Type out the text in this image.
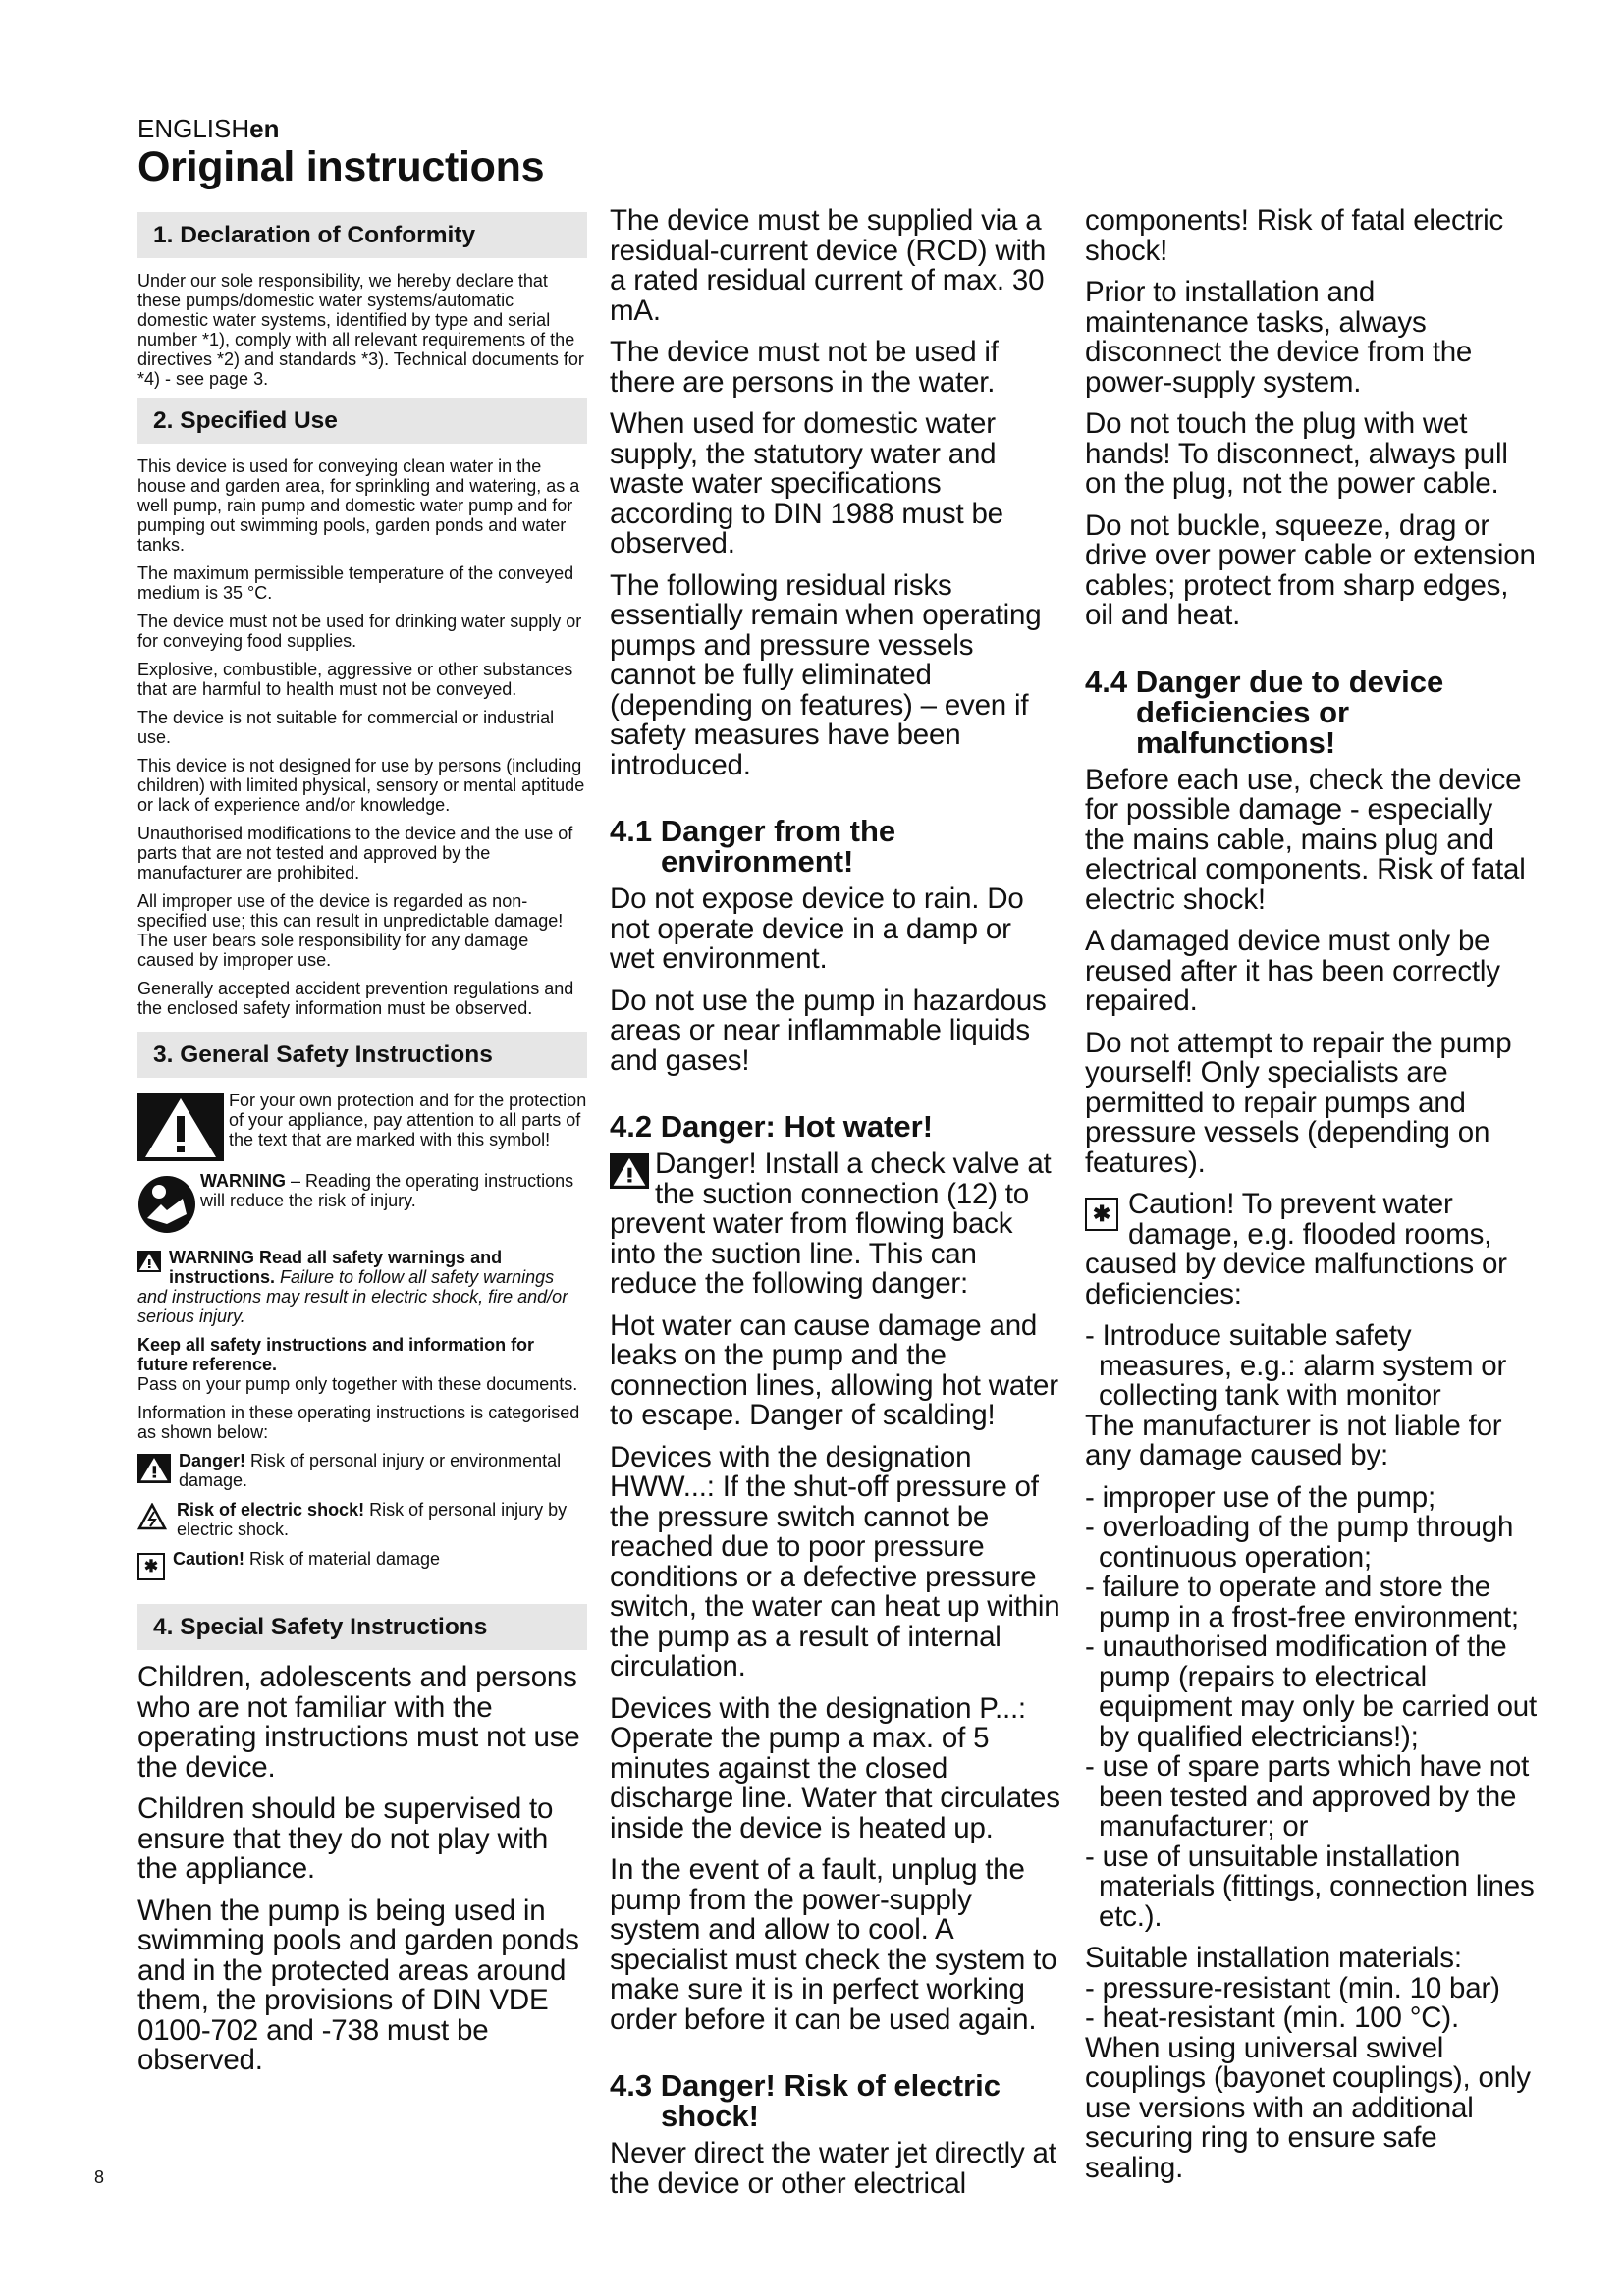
ENGLISHen
Original instructions
1. Declaration of Conformity

Under our sole responsibility, we hereby declare that these pumps/domestic water systems/automatic domestic water systems, identified by type and serial number *1), comply with all relevant requirements of the directives *2) and standards *3). Technical documents for *4) - see page 3.

2. Specified Use

This device is used for conveying clean water in the house and garden area, for sprinkling and watering, as a well pump, rain pump and domestic water pump and for pumping out swimming pools, garden ponds and water tanks.

The maximum permissible temperature of the conveyed medium is 35 °C.

The device must not be used for drinking water supply or for conveying food supplies.

Explosive, combustible, aggressive or other substances that are harmful to health must not be conveyed.

The device is not suitable for commercial or industrial use.

This device is not designed for use by persons (including children) with limited physical, sensory or mental aptitude or lack of experience and/or knowledge.

Unauthorised modifications to the device and the use of parts that are not tested and approved by the manufacturer are prohibited.

All improper use of the device is regarded as non-specified use; this can result in unpredictable damage! The user bears sole responsibility for any damage caused by improper use.

Generally accepted accident prevention regulations and the enclosed safety information must be observed.

3. General Safety Instructions

For your own protection and for the protection of your appliance, pay attention to all parts of the text that are marked with this symbol!

WARNING – Reading the operating instructions will reduce the risk of injury.

WARNING Read all safety warnings and instructions. Failure to follow all safety warnings and instructions may result in electric shock, fire and/or serious injury.

Keep all safety instructions and information for future reference.

Pass on your pump only together with these documents.

Information in these operating instructions is categorised as shown below:

Danger! Risk of personal injury or environmental damage.

Risk of electric shock! Risk of personal injury by electric shock.

✱ Caution! Risk of material damage

4. Special Safety Instructions

Children, adolescents and persons who are not familiar with the operating instructions must not use the device.

Children should be supervised to ensure that they do not play with the appliance.

When the pump is being used in swimming pools and garden ponds and in the protected areas around them, the provisions of DIN VDE 0100-702 and -738 must be observed.

The device must be supplied via a residual-current device (RCD) with a rated residual current of max. 30 mA.

The device must not be used if there are persons in the water.

When used for domestic water supply, the statutory water and waste water specifications according to DIN 1988 must be observed.

The following residual risks essentially remain when operating pumps and pressure vessels cannot be fully eliminated (depending on features) – even if safety measures have been introduced.

4.1 Danger from the environment!

Do not expose device to rain. Do not operate device in a damp or wet environment.

Do not use the pump in hazardous areas or near inflammable liquids and gases!

4.2 Danger: Hot water!

Danger! Install a check valve at the suction connection (12) to prevent water from flowing back into the suction line. This can reduce the following danger:

Hot water can cause damage and leaks on the pump and the connection lines, allowing hot water to escape. Danger of scalding!

Devices with the designation HWW...: If the shut-off pressure of the pressure switch cannot be reached due to poor pressure conditions or a defective pressure switch, the water can heat up within the pump as a result of internal circulation.

Devices with the designation P...: Operate the pump a max. of 5 minutes against the closed discharge line. Water that circulates inside the device is heated up.

In the event of a fault, unplug the pump from the power-supply system and allow to cool. A specialist must check the system to make sure it is in perfect working order before it can be used again.

4.3 Danger! Risk of electric shock!

Never direct the water jet directly at the device or other electrical

components! Risk of fatal electric shock!

Prior to installation and maintenance tasks, always disconnect the device from the power-supply system.

Do not touch the plug with wet hands! To disconnect, always pull on the plug, not the power cable.

Do not buckle, squeeze, drag or drive over power cable or extension cables; protect from sharp edges, oil and heat.

4.4 Danger due to device deficiencies or malfunctions!

Before each use, check the device for possible damage - especially the mains cable, mains plug and electrical components. Risk of fatal electric shock!

A damaged device must only be reused after it has been correctly repaired.

Do not attempt to repair the pump yourself! Only specialists are permitted to repair pumps and pressure vessels (depending on features).

✱ Caution! To prevent water damage, e.g. flooded rooms, caused by device malfunctions or deficiencies:

- Introduce suitable safety measures, e.g.: alarm system or collecting tank with monitor

The manufacturer is not liable for any damage caused by:

- improper use of the pump;

- overloading of the pump through continuous operation;

- failure to operate and store the pump in a frost-free environment;

- unauthorised modification of the pump (repairs to electrical equipment may only be carried out by qualified electricians!);

- use of spare parts which have not been tested and approved by the manufacturer; or

- use of unsuitable installation materials (fittings, connection lines etc.).

Suitable installation materials:

- pressure-resistant (min. 10 bar)

- heat-resistant (min. 100 °C).

When using universal swivel couplings (bayonet couplings), only use versions with an additional securing ring to ensure safe sealing.

8
